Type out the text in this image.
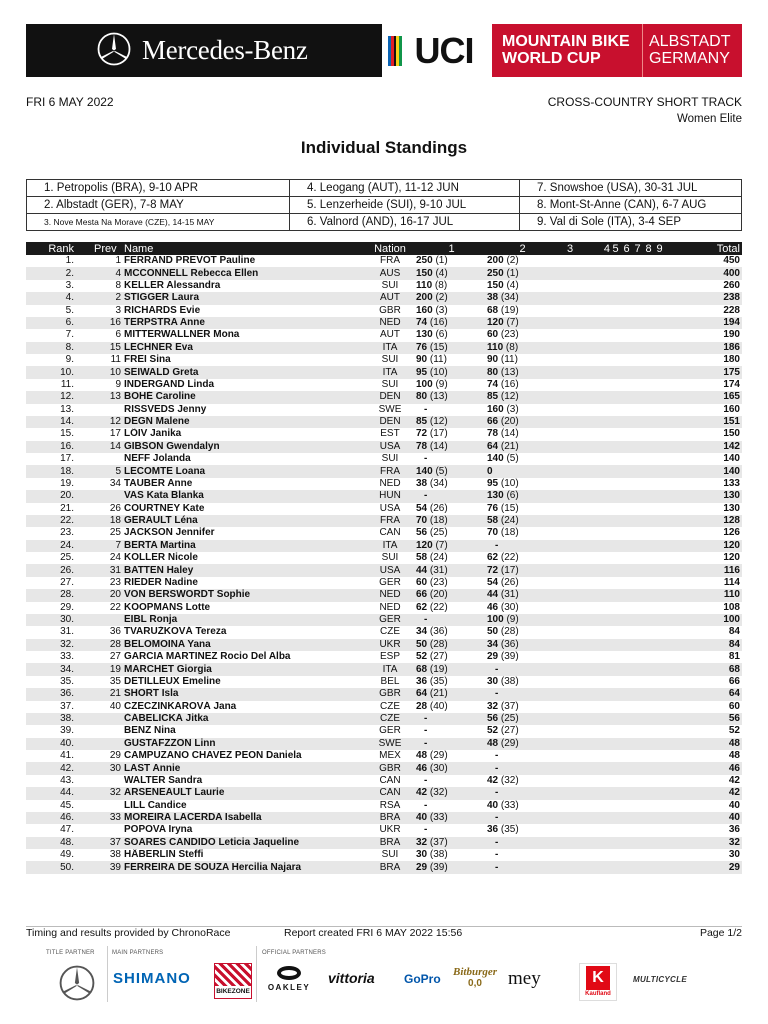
Mercedes-Benz	UCI MOUNTAIN BIKE
WORLD CUP
ALBSTADT
GERMANY
FRI 6 MAY 2022	CROSS-COUNTRY SHORT TRACK
Women Elite
Individual Standings
1. Petropolis (BRA), 9-10 APR	4. Leogang (AUT), 11-12 JUN	7. Snowshoe (USA), 30-31 JUL
2. Albstadt (GER), 7-8 MAY	5. Lenzerheide (SUI), 9-10 JUL	8. Mont-St-Anne (CAN), 6-7 AUG
3. Nove Mesta Na Morave (CZE), 14-15 MAY	6. Valnord (AND), 16-17 JUL	9. Val di Sole (ITA), 3-4 SEP
Rank	Prev	Name	Nation	1	2	3	4	5	6	7	8	9	Total
1.	1	FERRAND PREVOT Pauline	FRA	250 (1)	200 (2)								450
2.	4	MCCONNELL Rebecca Ellen	AUS	150 (4)	250 (1)								400
3.	8	KELLER Alessandra	SUI	110 (8)	150 (4)								260
4.	2	STIGGER Laura	AUT	200 (2)	38 (34)								238
5.	3	RICHARDS Evie	GBR	160 (3)	68 (19)								228
6.	16	TERPSTRA Anne	NED	74 (16)	120 (7)								194
7.	6	MITTERWALLNER Mona	AUT	130 (6)	60 (23)								190
8.	15	LECHNER Eva	ITA	76 (15)	110 (8)								186
9.	11	FREI Sina	SUI	90 (11)	90 (11)								180
10.	10	SEIWALD Greta	ITA	95 (10)	80 (13)								175
11.	9	INDERGAND Linda	SUI	100 (9)	74 (16)								174
12.	13	BOHÉ Caroline	DEN	80 (13)	85 (12)								165
13.		RISSVEDS Jenny	SWE	-	160 (3)								160
14.	12	DEGN Malene	DEN	85 (12)	66 (20)								151
15.	17	LÕIV Janika	EST	72 (17)	78 (14)								150
16.	14	GIBSON Gwendalyn	USA	78 (14)	64 (21)								142
17.		NEFF Jolanda	SUI	-	140 (5)								140
18.	5	LECOMTE Loana	FRA	140 (5)	0								140
19.	34	TAUBER Anne	NED	38 (34)	95 (10)								133
20.		VAS Kata Blanka	HUN	-	130 (6)								130
21.	26	COURTNEY Kate	USA	54 (26)	76 (15)								130
22.	18	GERAULT Léna	FRA	70 (18)	58 (24)								128
23.	25	JACKSON Jennifer	CAN	56 (25)	70 (18)								126
24.	7	BERTA Martina	ITA	120 (7)	-								120
25.	24	KOLLER Nicole	SUI	58 (24)	62 (22)								120
26.	31	BATTEN Haley	USA	44 (31)	72 (17)								116
27.	23	RIEDER Nadine	GER	60 (23)	54 (26)								114
28.	20	VON BERSWORDT Sophie	NED	66 (20)	44 (31)								110
29.	22	KOOPMANS Lotte	NED	62 (22)	46 (30)								108
30.		EIBL Ronja	GER	-	100 (9)								100
31.	36	TVARUŽKOVÁ Tereza	CZE	34 (36)	50 (28)								84
32.	28	BELOMOINA Yana	UKR	50 (28)	34 (36)								84
33.	27	GARCIA MARTINEZ Rocio Del Alba	ESP	52 (27)	29 (39)								81
34.	19	MARCHET Giorgia	ITA	68 (19)	-								68
35.	35	DETILLEUX Emeline	BEL	36 (35)	30 (38)								66
36.	21	SHORT Isla	GBR	64 (21)	-								64
37.	40	CZECZINKAROVÁ Jana	CZE	28 (40)	32 (37)								60
38.		ČÁBELICKÁ Jitka	CZE	-	56 (25)								56
39.		BENZ Nina	GER	-	52 (27)								52
40.		GUSTAFZZON Linn	SWE	-	48 (29)								48
41.	29	CAMPUZANO CHAVEZ PEON Daniela	MEX	48 (29)	-								48
42.	30	LAST Annie	GBR	46 (30)	-								46
43.		WALTER Sandra	CAN	-	42 (32)								42
44.	32	ARSENEAULT Laurie	CAN	42 (32)	-								42
45.		LILL Candice	RSA	-	40 (33)								40
46.	33	MOREIRA LACERDA Isabella	BRA	40 (33)	-								40
47.		POPOVA Iryna	UKR	-	36 (35)								36
48.	37	SOARES CANDIDO Leticia Jaqueline	BRA	32 (37)	-								32
49.	38	HÄBERLIN Steffi	SUI	30 (38)	-								30
50.	39	FERREIRA DE SOUZA Hercilia Najara	BRA	29 (39)	-								29
Timing and results provided by ChronoRace	Report created FRI 6 MAY 2022 15:56	Page 1/2
TITLE PARTNER	MAIN PARTNERS	OFFICIAL PARTNERS
SHIMANO
BIKEZONE OAKLEY
vittoria GoPro Bitburger
0,0	mey	K
Kaufland
MULTICYCLE
